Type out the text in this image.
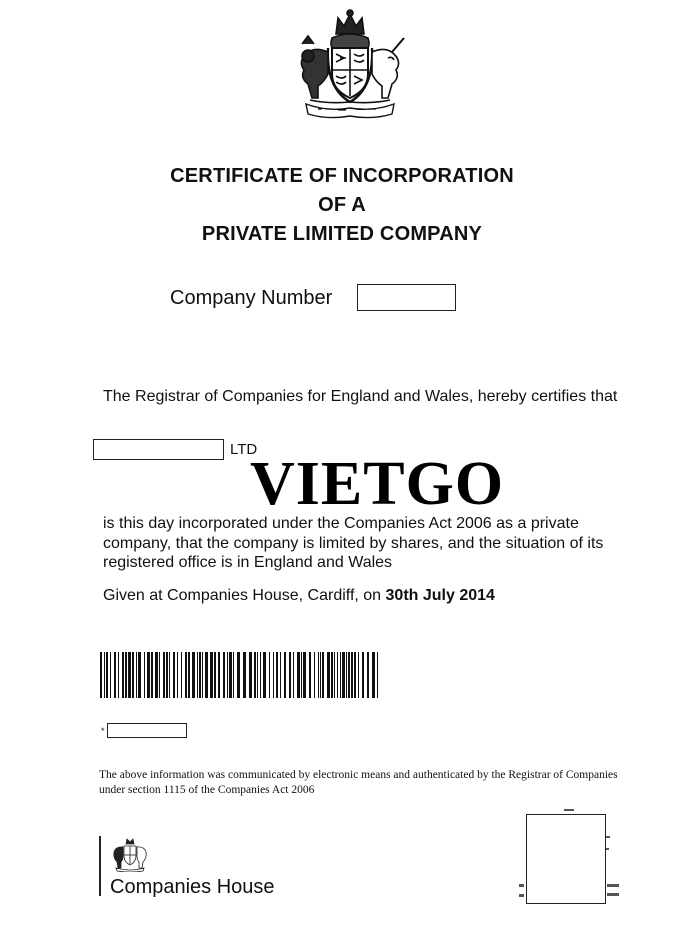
CERTIFICATE OF INCORPORATION
OF A
PRIVATE LIMITED COMPANY
Company Number
The Registrar of Companies for England and Wales, hereby certifies that
LTD
VIETGO
is this day incorporated under the Companies Act 2006 as a private company, that the company is limited by shares, and the situation of its registered office is in England and Wales
Given at Companies House, Cardiff, on 30th July 2014
*
The above information was communicated by electronic means and authenticated by the Registrar of Companies under section 1115 of the Companies Act 2006
Companies House
